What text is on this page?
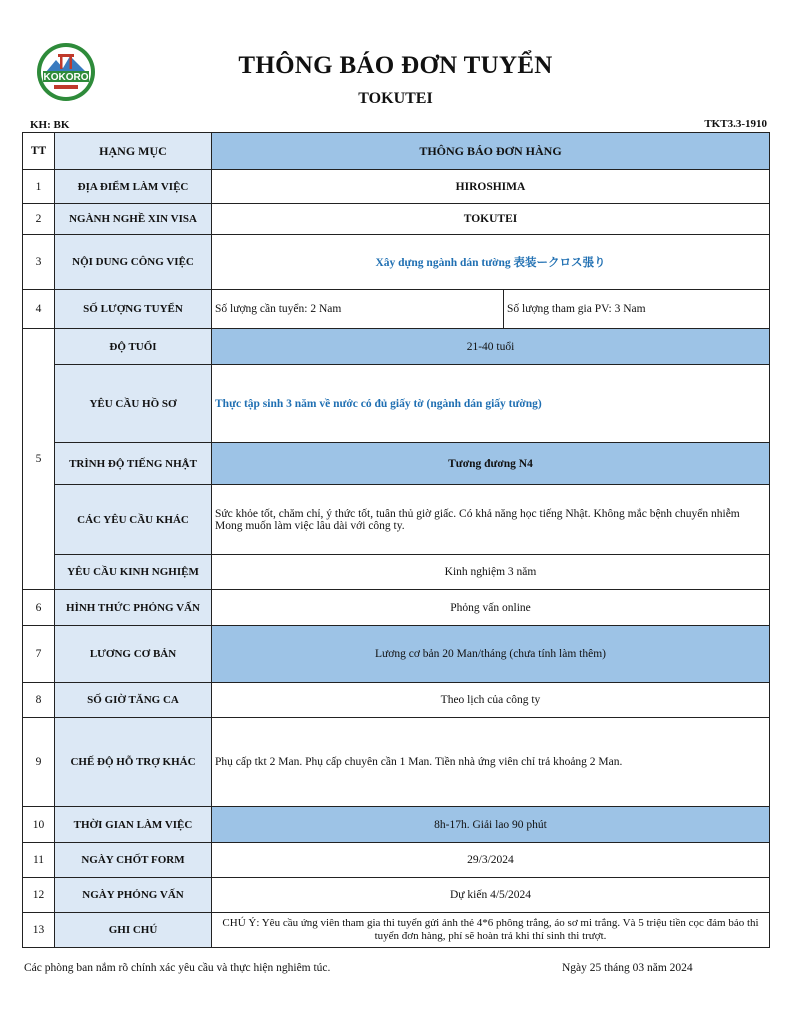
KOKORO	THÔNG BÁO ĐƠN TUYỂN
TOKUTEI
KH: BK	TKT3.3-1910
TT	HẠNG MỤC	THÔNG BÁO ĐƠN HÀNG	
1	ĐỊA ĐIỂM LÀM VIỆC	HIROSHIMA	
2	NGÀNH NGHỀ XIN VISA	TOKUTEI	
3	NỘI DUNG CÔNG VIỆC	Xây dựng ngành dán tường 表装ークロス張り	
4	SỐ LƯỢNG TUYỂN	Số lượng cần tuyển: 2 Nam	Số lượng tham gia PV: 3 Nam
5	ĐỘ TUỔI	21-40 tuổi	
	YÊU CẦU HỒ SƠ	Thực tập sinh 3 năm về nước có đủ giấy tờ (ngành dán giấy tường)	
	TRÌNH ĐỘ TIẾNG NHẬT	Tương đương N4	
	CÁC YÊU CẦU KHÁC	Sức khỏe tốt, chăm chỉ, ý thức tốt, tuân thủ giờ giấc. Có khả năng học tiếng Nhật. Không mắc bệnh chuyển nhiễm
Mong muốn làm việc lâu dài với công ty.	

	YÊU CẦU KINH NGHIỆM	Kinh nghiệm 3 năm	
6	HÌNH THỨC PHỎNG VẤN	Phỏng vấn online	
7	LƯƠNG CƠ BẢN	Lương cơ bản 20 Man/tháng (chưa tính làm thêm)	
8	SỐ GIỜ TĂNG CA	Theo lịch của công ty	
9	CHẾ ĐỘ HỖ TRỢ KHÁC	Phụ cấp tkt 2 Man. Phụ cấp chuyên cần 1 Man. Tiền nhà ứng viên chỉ trả khoảng 2 Man.	
10	THỜI GIAN LÀM VIỆC	8h-17h. Giải lao 90 phút	
11	NGÀY CHỐT FORM	29/3/2024	
12	NGÀY PHỎNG VẤN	Dự kiến 4/5/2024	
13	GHI CHÚ	CHÚ Ý: Yêu cầu ứng viên tham gia thi tuyển gửi ảnh thẻ 4*6 phông trắng, áo sơ mi trắng. Và 5 triệu tiền cọc đảm bảo thi tuyển đơn hàng, phí sẽ hoàn trả khi thí sinh thi trượt.	
Các phòng ban nắm rõ chính xác yêu cầu và thực hiện nghiêm túc.	Ngày 25 tháng 03 năm 2024
